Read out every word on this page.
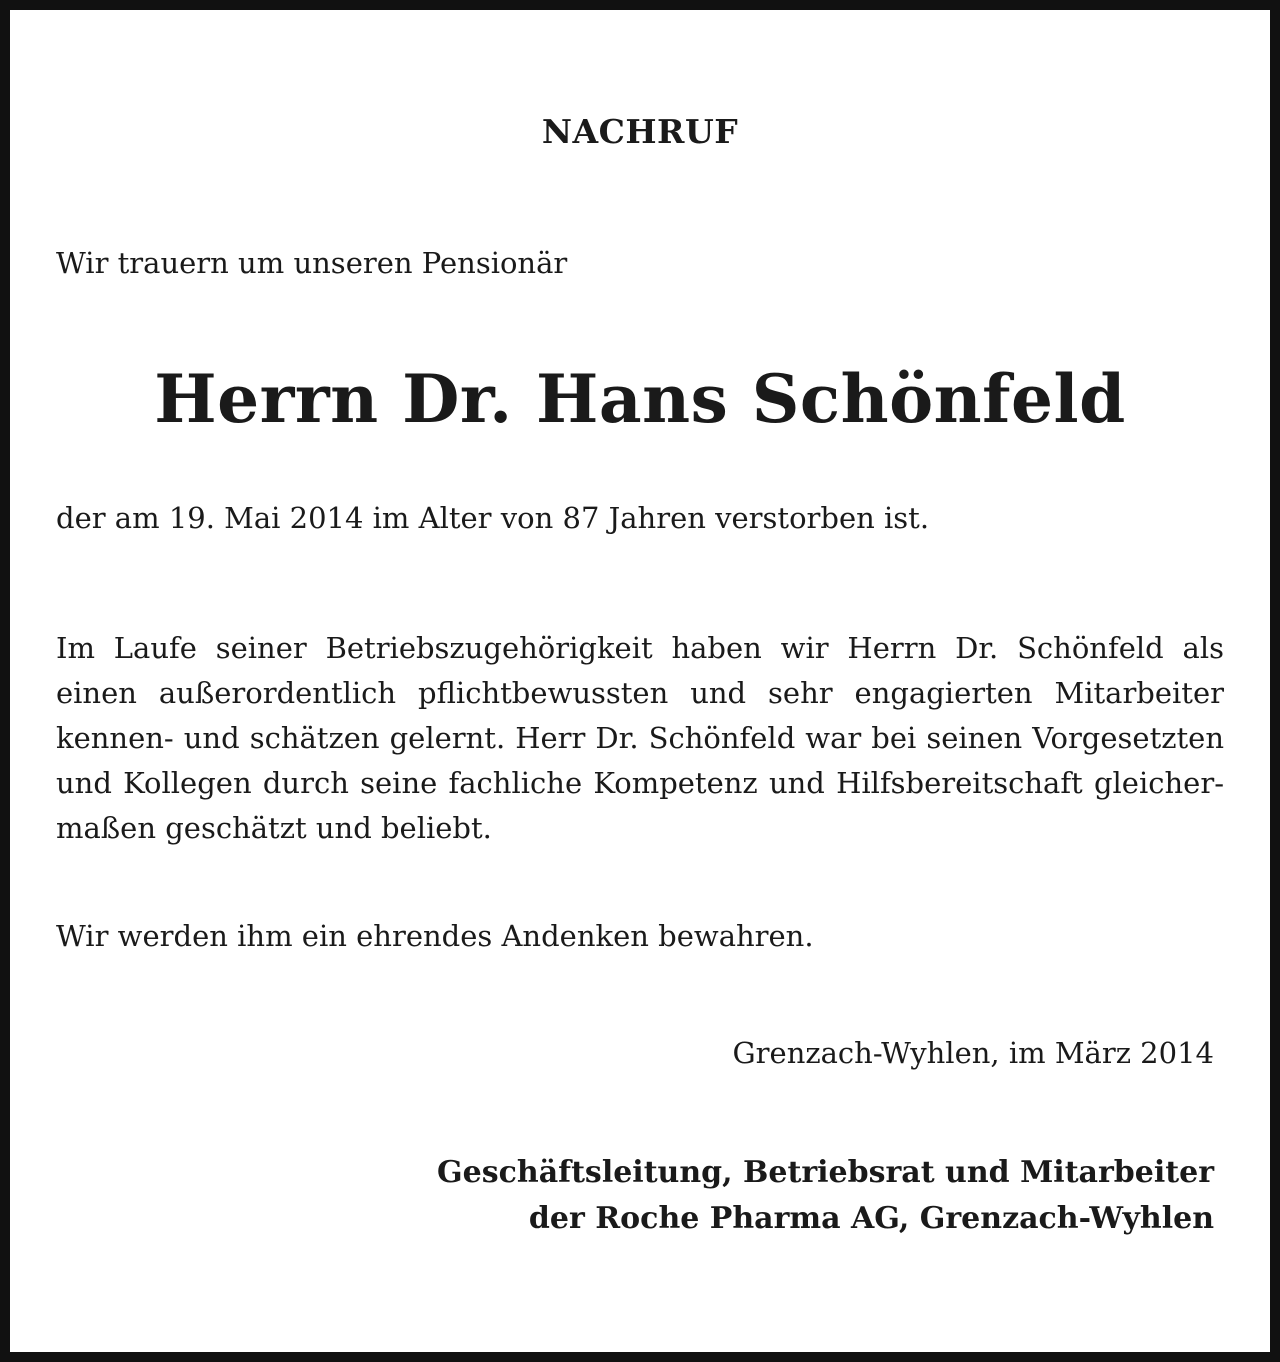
NACHRUF

Wir trauern um unseren Pensionär

Herrn Dr. Hans Schönfeld

der am 19. Mai 2014 im Alter von 87 Jahren verstorben ist.

Im Laufe seiner Betriebszugehörigkeit haben wir Herrn Dr. Schönfeld als einen außerordentlich pflichtbewussten und sehr engagierten Mitarbeiter kennen- und schätzen gelernt. Herr Dr. Schönfeld war bei seinen Vorgesetzten und Kollegen durch seine fachliche Kompetenz und Hilfsbereitschaft gleichermaßen geschätzt und beliebt.

Wir werden ihm ein ehrendes Andenken bewahren.

Grenzach-Wyhlen, im März 2014

Geschäftsleitung, Betriebsrat und Mitarbeiter
der Roche Pharma AG, Grenzach-Wyhlen
